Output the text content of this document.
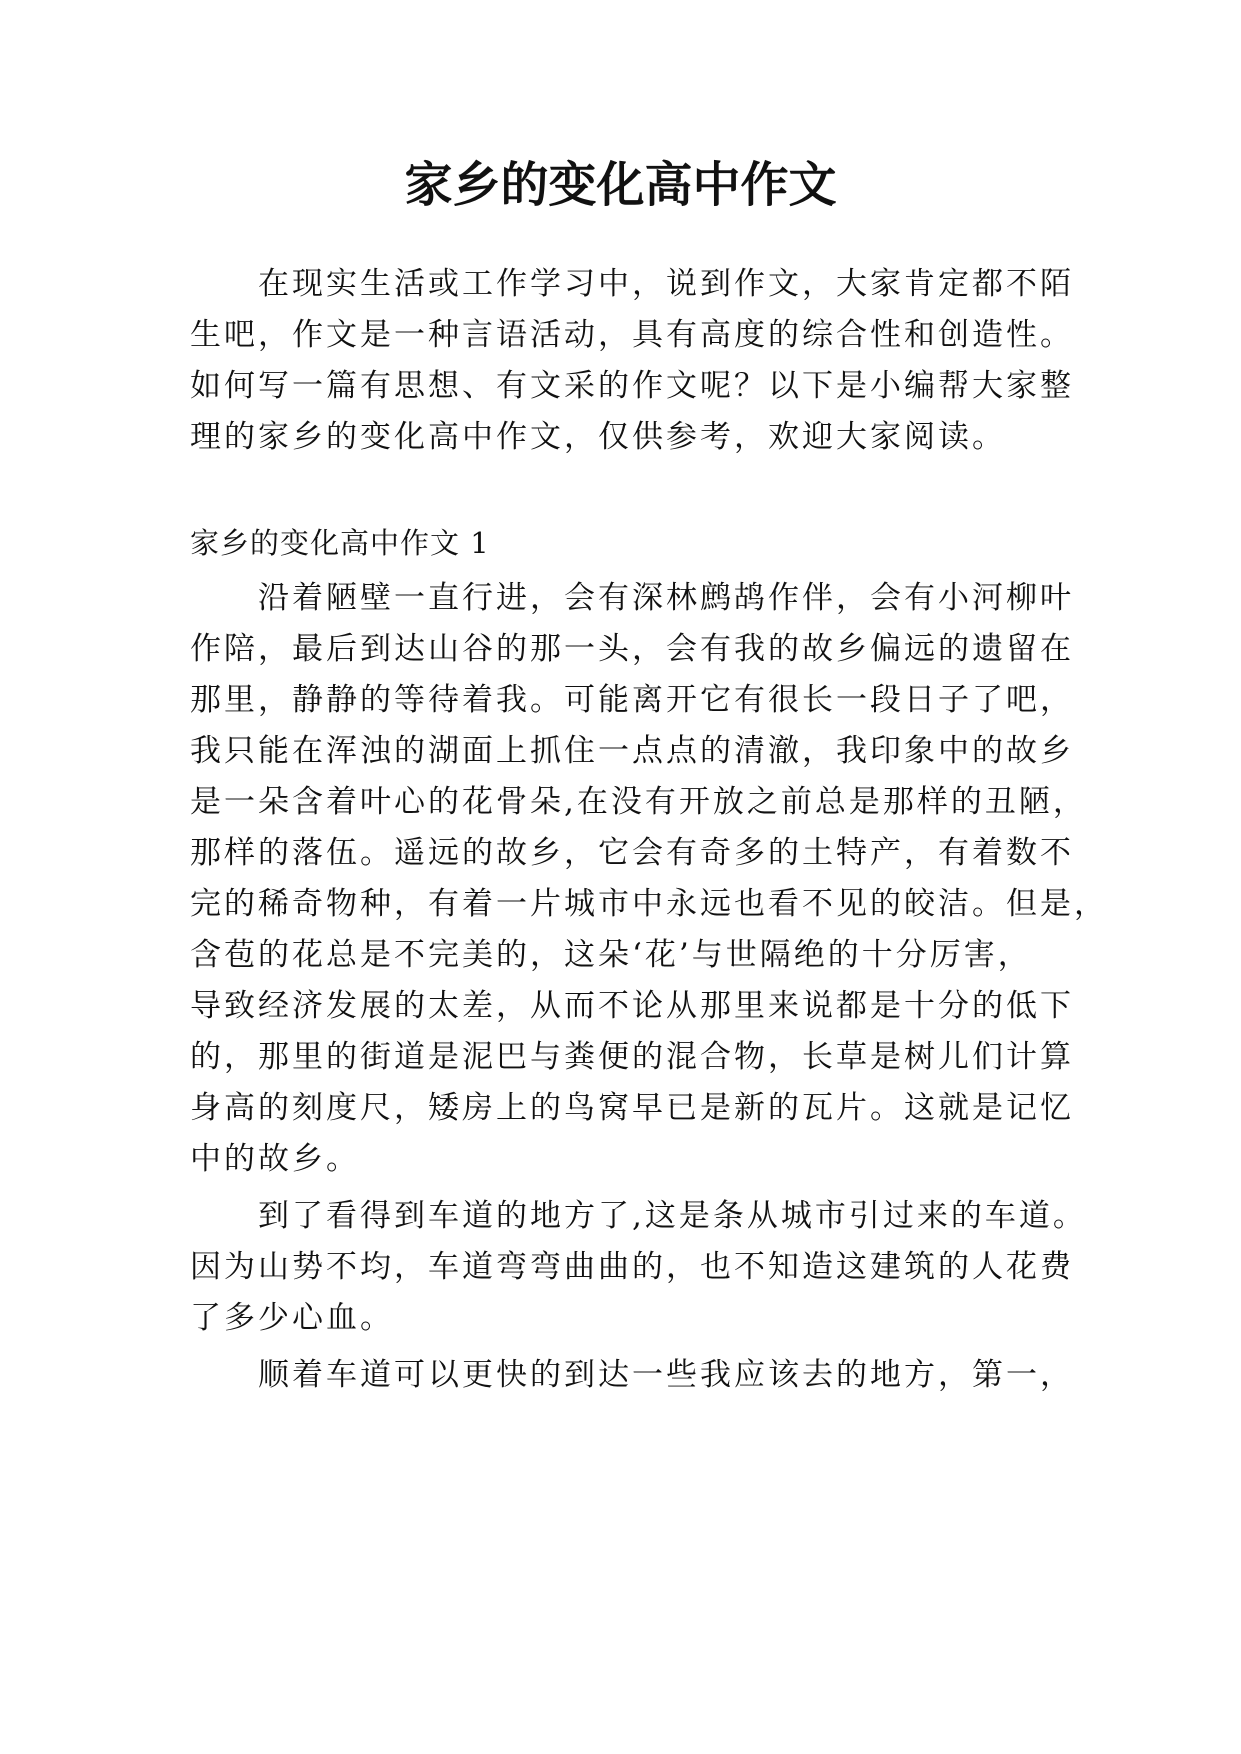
家乡的变化高中作文
　　在现实生活或工作学习中，说到作文，大家肯定都不陌
生吧，作文是一种言语活动，具有高度的综合性和创造性。
如何写一篇有思想、有文采的作文呢？以下是小编帮大家整
理的家乡的变化高中作文，仅供参考，欢迎大家阅读。
家乡的变化高中作文 1
　　沿着陋壁一直行进，会有深林鹧鸪作伴，会有小河柳叶
作陪，最后到达山谷的那一头，会有我的故乡偏远的遗留在
那里，静静的等待着我。可能离开它有很长一段日子了吧，
我只能在浑浊的湖面上抓住一点点的清澈，我印象中的故乡
是一朵含着叶心的花骨朵,在没有开放之前总是那样的丑陋，
那样的落伍。遥远的故乡，它会有奇多的土特产，有着数不
完的稀奇物种，有着一片城市中永远也看不见的皎洁。但是，
含苞的花总是不完美的，这朵‘花’与世隔绝的十分厉害，
导致经济发展的太差，从而不论从那里来说都是十分的低下
的，那里的街道是泥巴与粪便的混合物，长草是树儿们计算
身高的刻度尺，矮房上的鸟窝早已是新的瓦片。这就是记忆
中的故乡。
　　到了看得到车道的地方了,这是条从城市引过来的车道。
因为山势不均，车道弯弯曲曲的，也不知造这建筑的人花费
了多少心血。
　　顺着车道可以更快的到达一些我应该去的地方，第一，
